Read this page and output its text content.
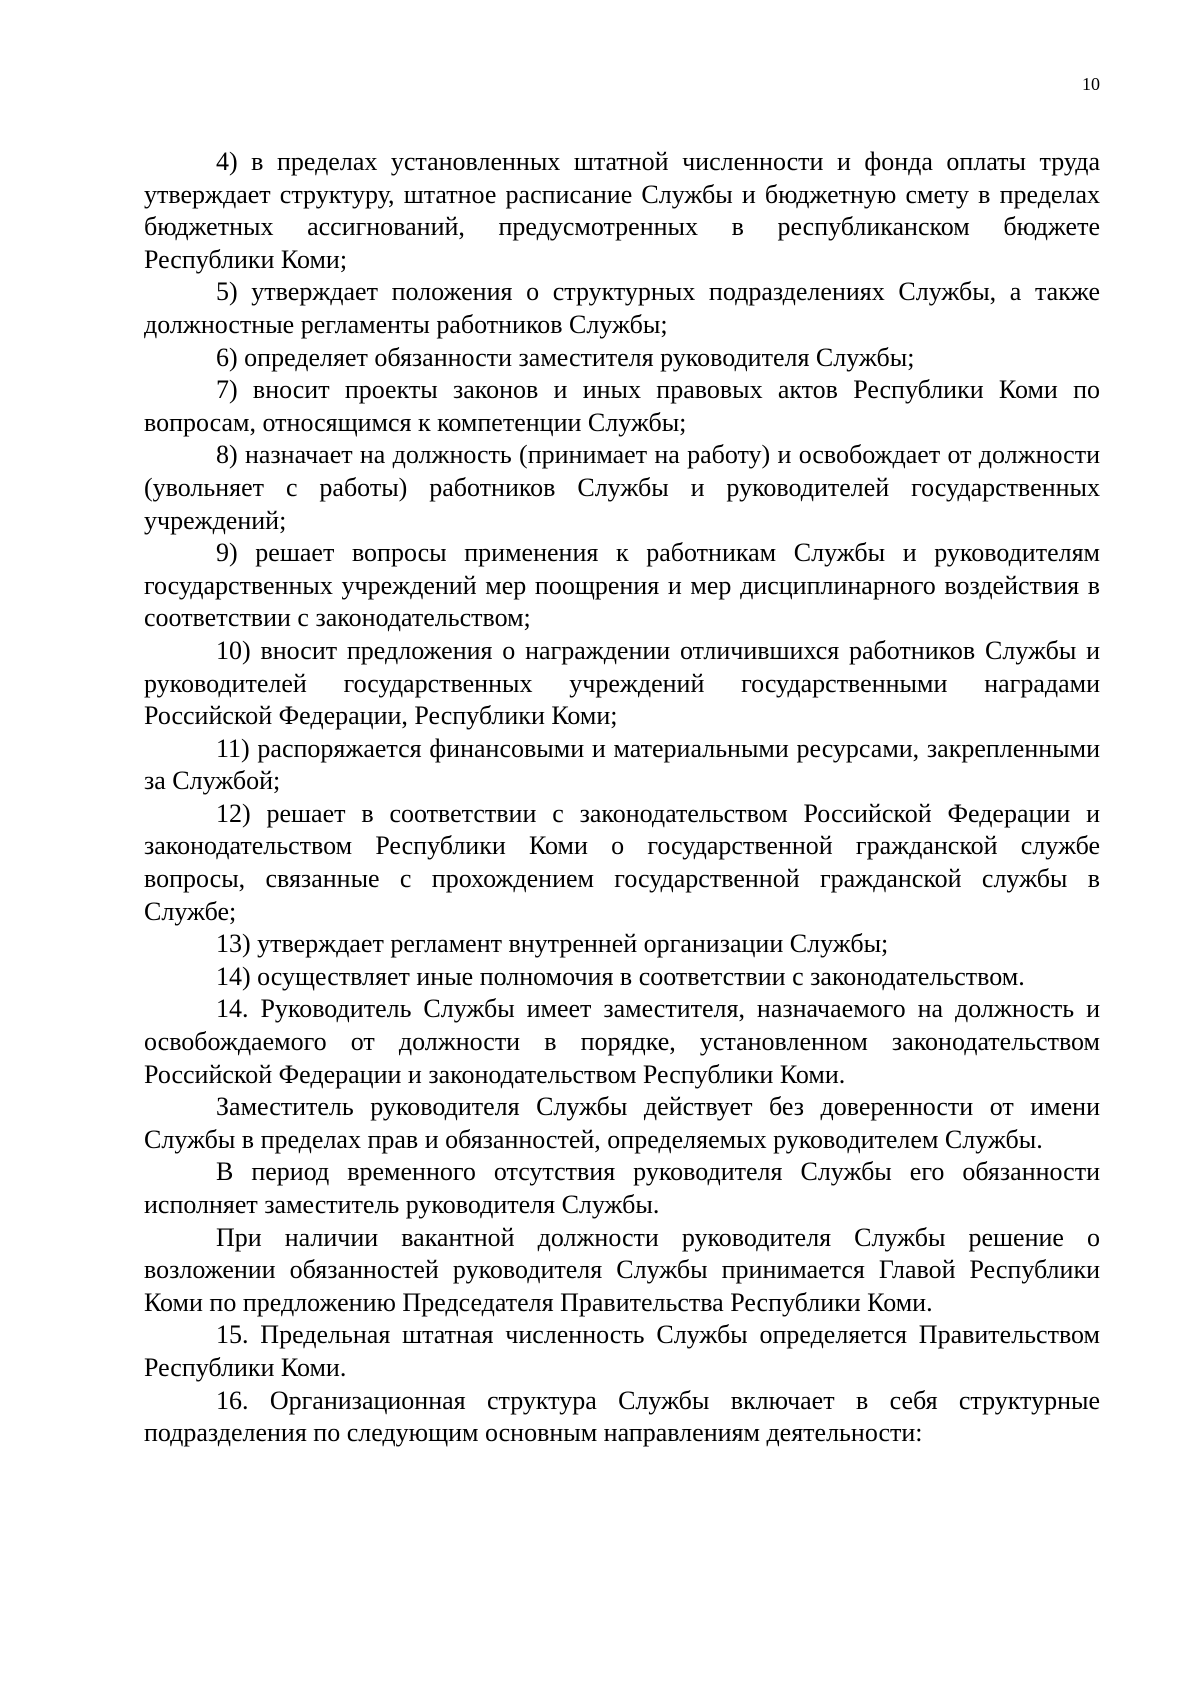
10

4) в пределах установленных штатной численности и фонда оплаты труда утверждает структуру, штатное расписание Службы и бюджетную смету в пределах бюджетных ассигнований, предусмотренных в республиканском бюджете Республики Коми;

5) утверждает положения о структурных подразделениях Службы, а также должностные регламенты работников Службы;

6) определяет обязанности заместителя руководителя Службы;

7) вносит проекты законов и иных правовых актов Республики Коми по вопросам, относящимся к компетенции Службы;

8) назначает на должность (принимает на работу) и освобождает от должности (увольняет с работы) работников Службы и руководителей государственных учреждений;

9) решает вопросы применения к работникам Службы и руководителям государственных учреждений мер поощрения и мер дисциплинарного воздействия в соответствии с законодательством;

10) вносит предложения о награждении отличившихся работников Службы и руководителей государственных учреждений государственными наградами Российской Федерации, Республики Коми;

11) распоряжается финансовыми и материальными ресурсами, закрепленными за Службой;

12) решает в соответствии с законодательством Российской Федерации и законодательством Республики Коми о государственной гражданской службе вопросы, связанные с прохождением государственной гражданской службы в Службе;

13) утверждает регламент внутренней организации Службы;

14) осуществляет иные полномочия в соответствии с законодательством.

14. Руководитель Службы имеет заместителя, назначаемого на должность и освобождаемого от должности в порядке, установленном законодательством Российской Федерации и законодательством Республики Коми.

Заместитель руководителя Службы действует без доверенности от имени Службы в пределах прав и обязанностей, определяемых руководителем Службы.

В период временного отсутствия руководителя Службы его обязанности исполняет заместитель руководителя Службы.

При наличии вакантной должности руководителя Службы решение о возложении обязанностей руководителя Службы принимается Главой Республики Коми по предложению Председателя Правительства Республики Коми.

15. Предельная штатная численность Службы определяется Правительством Республики Коми.

16. Организационная структура Службы включает в себя структурные подразделения по следующим основным направлениям деятельности:
